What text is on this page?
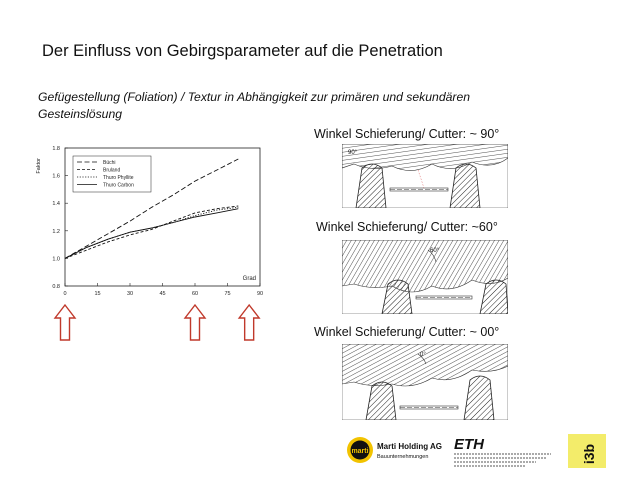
Der Einfluss von Gebirgsparameter auf die Penetration
Gefügestellung (Foliation) / Textur in Abhängigkeit zur primären und sekundären
Gesteinslösung
0.8
1.0
1.2
1.4
1.6
1.8
0	15	30	45	60	75	90
Grad
Faktor	Büchi
Bruland
Thuro Phyllite
Thuro Carbon
Winkel Schieferung/ Cutter: ~ 90°
Winkel Schieferung/ Cutter: ~60°
Winkel Schieferung/ Cutter: ~ 00°
90°
60°
0°
marti
Marti Holding AG
Bauunternehmungen
ETH	i3b
